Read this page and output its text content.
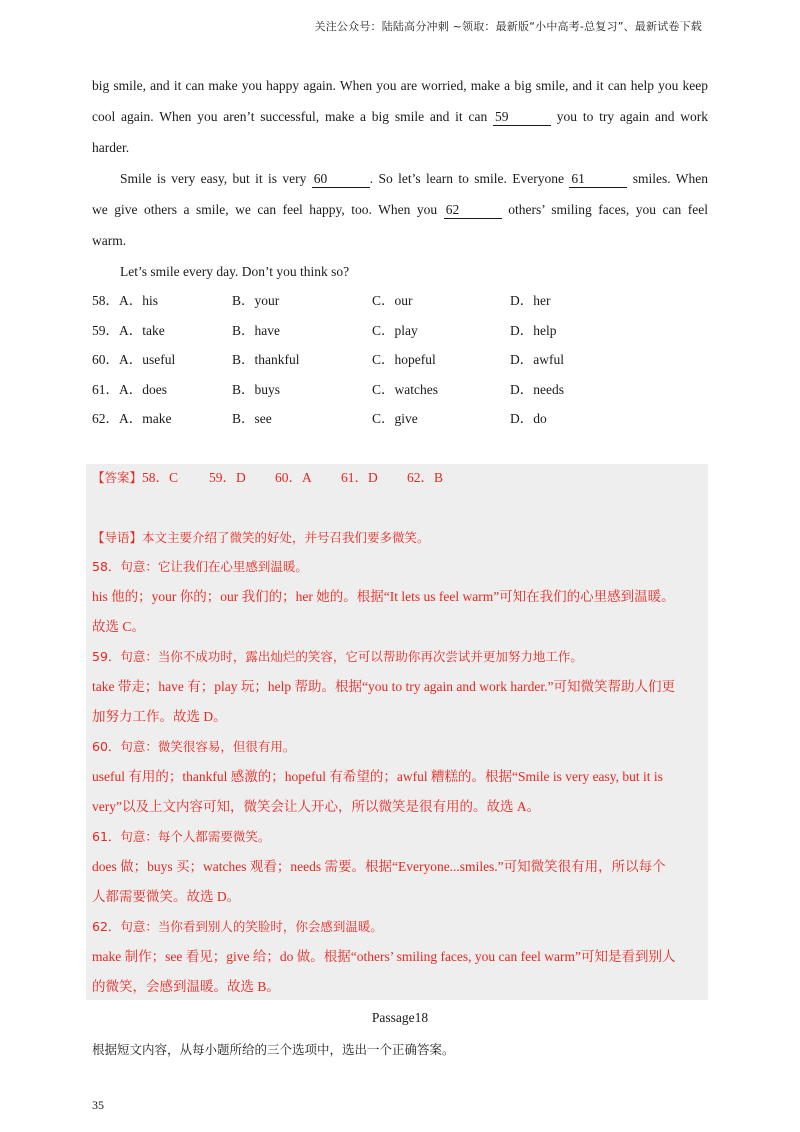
关注公众号：陆陆高分冲刺 ~领取：最新版“小中高考-总复习”、最新试卷下载
big smile, and it can make you happy again. When you are worried, make a big smile, and it can help you keep
cool again. When you aren’t successful, make a big smile and it can 59	you to try again and work
harder.
Smile is very easy, but it is very 60	. So let’s learn to smile. Everyone 61	smiles. When
we give others a smile, we can feel happy, too. When you 62	others’ smiling faces, you can feel
warm.
Let’s smile every day. Don’t you think so?
58．A．his	B．your	C．our	D．her
59．A．take	B．have	C．play	D．help
60．A．useful	B．thankful	C．hopeful	D．awful
61．A．does	B．buys	C．watches	D．needs
62．A．make	B．see	C．give	D．do
【答案】58．C 59．D 60．A 61．D 62．B
【导语】本文主要介绍了微笑的好处，并号召我们要多微笑。
58．句意：它让我们在心里感到温暖。
his 他的；your 你的；our 我们的；her 她的。根据“It lets us feel warm”可知在我们的心里感到温暖。
故选 C。
59．句意：当你不成功时，露出灿烂的笑容，它可以帮助你再次尝试并更加努力地工作。
take 带走；have 有；play 玩；help 帮助。根据“you to try again and work harder.”可知微笑帮助人们更
加努力工作。故选 D。
60．句意：微笑很容易，但很有用。
useful 有用的；thankful 感激的；hopeful 有希望的；awful 糟糕的。根据“Smile is very easy, but it is
very”以及上文内容可知，微笑会让人开心，所以微笑是很有用的。故选 A。
61．句意：每个人都需要微笑。
does 做；buys 买；watches 观看；needs 需要。根据“Everyone...smiles.”可知微笑很有用，所以每个
人都需要微笑。故选 D。
62．句意：当你看到别人的笑脸时，你会感到温暖。
make 制作；see 看见；give 给；do 做。根据“others’ smiling faces, you can feel warm”可知是看到别人
的微笑，会感到温暖。故选 B。
Passage18
根据短文内容，从每小题所给的三个选项中，选出一个正确答案。
35
